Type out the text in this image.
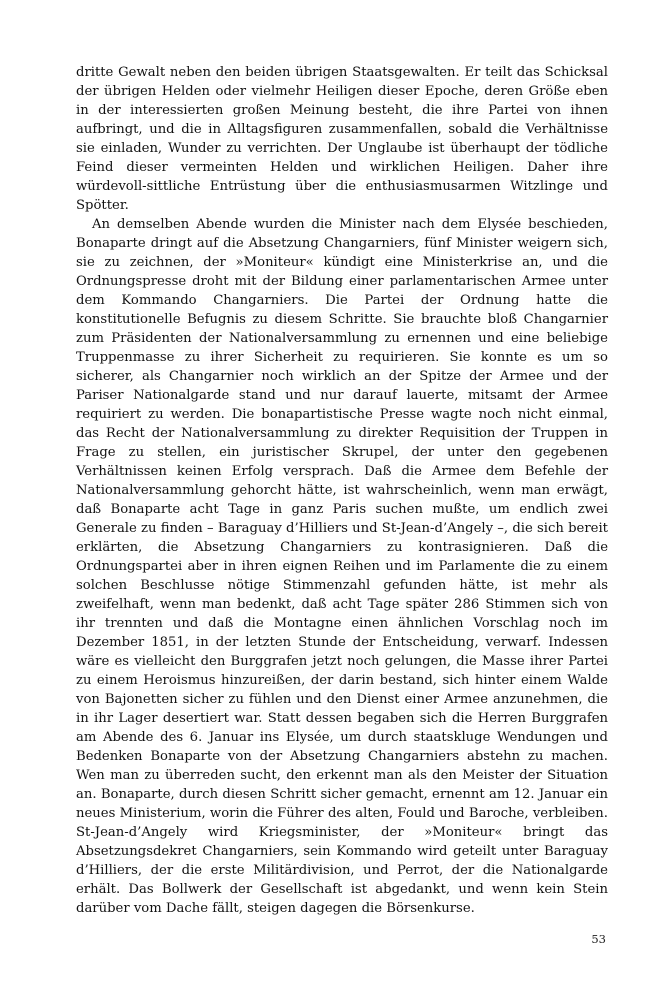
dritte Gewalt neben den beiden übrigen Staatsgewalten. Er teilt das Schicksal der übrigen Helden oder vielmehr Heiligen dieser Epoche, deren Größe eben in der interessierten großen Meinung besteht, die ihre Partei von ihnen aufbringt, und die in Alltagsfiguren zusammenfallen, sobald die Verhältnisse sie einladen, Wunder zu verrichten. Der Unglaube ist überhaupt der tödliche Feind dieser vermeinten Helden und wirklichen Heiligen. Daher ihre würdevoll-sittliche Entrüstung über die enthusiasmusarmen Witzlinge und Spötter.

An demselben Abende wurden die Minister nach dem Elysée beschieden, Bonaparte dringt auf die Absetzung Changarniers, fünf Minister weigern sich, sie zu zeichnen, der »Moniteur« kündigt eine Ministerkrise an, und die Ordnungspresse droht mit der Bildung einer parlamentarischen Armee unter dem Kommando Changarniers. Die Partei der Ordnung hatte die konstitutionelle Befugnis zu diesem Schritte. Sie brauchte bloß Changarnier zum Präsidenten der Nationalversammlung zu ernennen und eine beliebige Truppenmasse zu ihrer Sicherheit zu requirieren. Sie konnte es um so sicherer, als Changarnier noch wirklich an der Spitze der Armee und der Pariser Nationalgarde stand und nur darauf lauerte, mitsamt der Armee requiriert zu werden. Die bonapartistische Presse wagte noch nicht einmal, das Recht der Nationalversammlung zu direkter Requisition der Truppen in Frage zu stellen, ein juristischer Skrupel, der unter den gegebenen Verhältnissen keinen Erfolg versprach. Daß die Armee dem Befehle der Nationalversammlung gehorcht hätte, ist wahrscheinlich, wenn man erwägt, daß Bonaparte acht Tage in ganz Paris suchen mußte, um endlich zwei Generale zu finden – Baraguay d’Hilliers und St-Jean-d’Angely –, die sich bereit erklärten, die Absetzung Changarniers zu kontrasignieren. Daß die Ordnungspartei aber in ihren eignen Reihen und im Parlamente die zu einem solchen Beschlusse nötige Stimmenzahl gefunden hätte, ist mehr als zweifelhaft, wenn man bedenkt, daß acht Tage später 286 Stimmen sich von ihr trennten und daß die Montagne einen ähnlichen Vorschlag noch im Dezember 1851, in der letzten Stunde der Entscheidung, verwarf. Indessen wäre es vielleicht den Burggrafen jetzt noch gelungen, die Masse ihrer Partei zu einem Heroismus hinzureißen, der darin bestand, sich hinter einem Walde von Bajonetten sicher zu fühlen und den Dienst einer Armee anzunehmen, die in ihr Lager desertiert war. Statt dessen begaben sich die Herren Burggrafen am Abende des 6. Januar ins Elysée, um durch staatskluge Wendungen und Bedenken Bonaparte von der Absetzung Changarniers abstehn zu machen. Wen man zu überreden sucht, den erkennt man als den Meister der Situation an. Bonaparte, durch diesen Schritt sicher gemacht, ernennt am 12. Januar ein neues Ministerium, worin die Führer des alten, Fould und Baroche, verbleiben. St-Jean-d’Angely wird Kriegsminister, der »Moniteur« bringt das Absetzungsdekret Changarniers, sein Kommando wird geteilt unter Baraguay d’Hilliers, der die erste Militärdivision, und Perrot, der die Nationalgarde erhält. Das Bollwerk der Gesellschaft ist abgedankt, und wenn kein Stein darüber vom Dache fällt, steigen dagegen die Börsenkurse.

53
